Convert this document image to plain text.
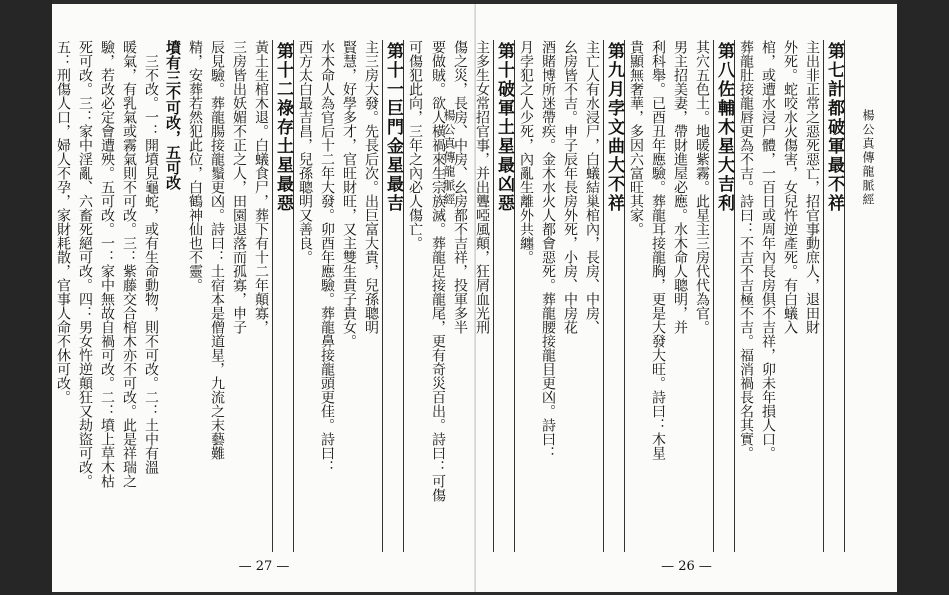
可傷犯此向，三年之內必人傷亡。
第十一巨門金星最吉
主三房大發。先長后次。出巨富大貴，兒孫聰明
賢慧，好學多才，官旺財旺，又主雙生貴子貴女。
水木命人為官后十二年大發。卯酉年應驗。葬龍鼻接龍頭更佳。詩曰：
西方太白最吉昌，兒孫聰明又善良。
第十二祿存土星最惡
黃土生棺木退。白蟻食尸，葬下有十二年顛寡，
三房皆出妖媚不正之人，田園退落而孤寡，申子
辰見驗。葬龍腸接龍鬚更凶。詩曰：土宿本是僧道星，九流之末藝難
精，安葬若然犯此位，白鶴神仙也不靈。
墳有三不可改，五可改
三不改。一：開墳見龜蛇，或有生命動物，則不可改。二：土中有溫
暖氣，有乳氣或霧氣則不可改。三：紫藤交合棺木亦不可改。此是祥瑞之
驗，若改必定會遭殃。五可改。一：家中無故自禍可改。二：墳上草木枯
死可改。三：家中淫亂、六畜死絕可改。四：男女忤逆顛狂又劫盜可改。
五：刑傷人口，婦人不孕，家財耗散，官事人命不休可改。	楊公真傳龍脈經
— 27 —
第七計都破軍最不祥
主出非正常之惡死惡亡，招官事動庶人，退田財
外死。蛇咬水火傷害，女兒忤逆產死。有白蟻入
棺，或遭水浸尸體，一百日或周年內長房俱不吉祥，卯未年損人口。
葬龍肚接龍唇更為不吉。詩曰：不吉不吉極不吉。福消禍長名其實。
第八佐輔木星大吉利
其穴五色土。地暖紫霧。此星主三房代代為官。
男主招美妻，帶財進屋必應。水木命人聰明，并
利科舉。已酉丑年應驗。葬龍耳接龍胸，更是大發大旺。詩曰：木星
貴顯無奢華，多因六富旺其家。
第九月孛文曲大不祥
主亡人有水浸尸，白蟻結巢棺內，長房、中房、
幺房皆不吉。申子辰年長房外死，小房、中房花
酒賭博所迷帶疾。金木水火人都會惡死。葬龍腰接龍目更凶。詩曰：
月孛犯之人少死，內亂生離外共纏。
第十破軍土星最凶惡
主多生女常招官事，并出聾啞風顛，狂屑血光刑
傷之災，長房、中房、幺房都不吉祥，投軍多半
要做賊。欲人橫禍來生宗族滅。葬龍足接龍尾，更有奇災百出。詩曰：可傷	楊公真傳龍脈經
— 26 —
